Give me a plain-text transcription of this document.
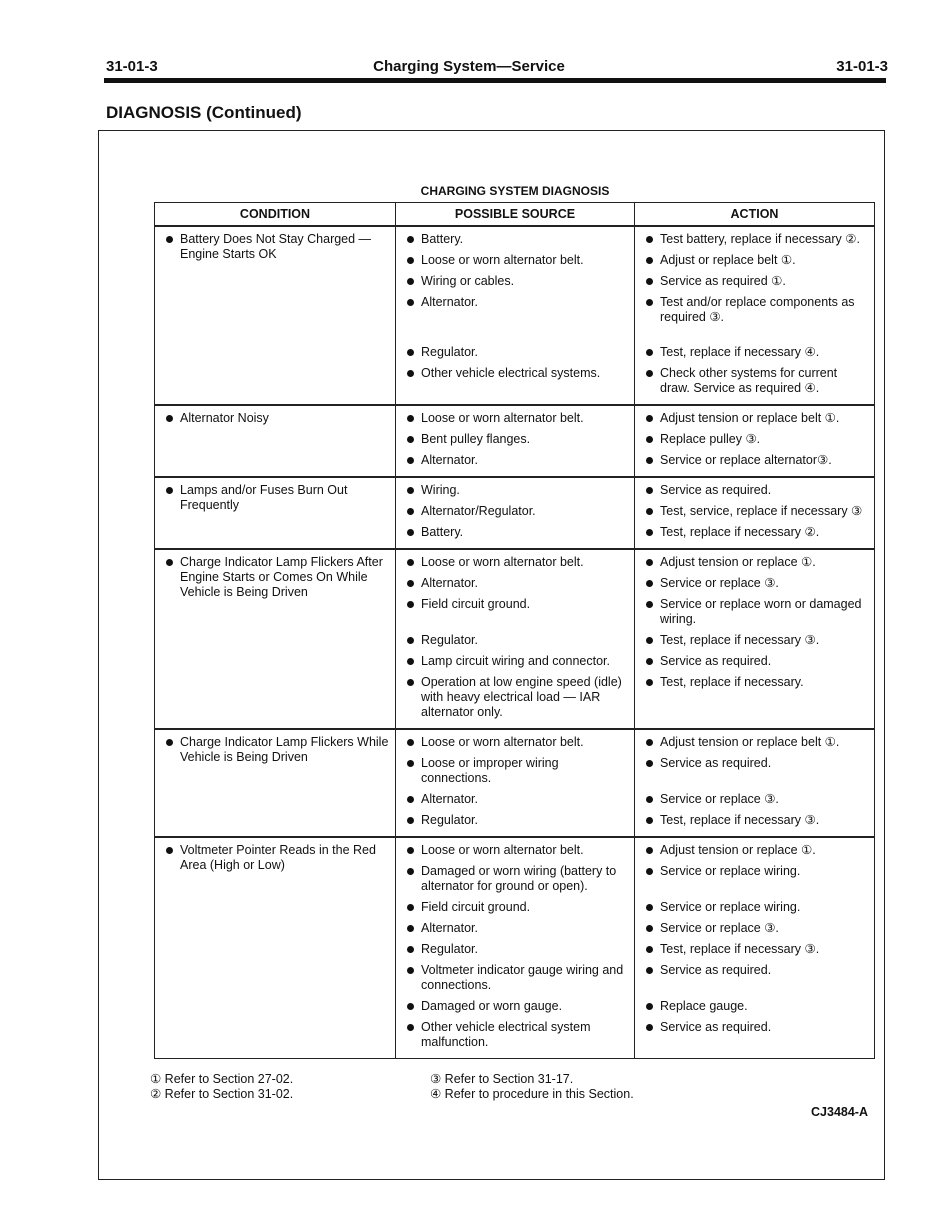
31-01-3	Charging System—Service	31-01-3
DIAGNOSIS (Continued)
CHARGING SYSTEM DIAGNOSIS
CONDITION	POSSIBLE SOURCE	ACTION

Battery Does Not Stay Charged — Engine Starts OK	Battery.	Test battery, replace if necessary ②.

	Loose or worn alternator belt.	Adjust or replace belt ①.

	Wiring or cables.	Service as required ①.

	Alternator.	Test and/or replace components as required ③.

	Regulator.	Test, replace if necessary ④.

	Other vehicle electrical systems.	Check other systems for current draw. Service as required ④.

Alternator Noisy	Loose or worn alternator belt.	Adjust tension or replace belt ①.

	Bent pulley flanges.	Replace pulley ③.

	Alternator.	Service or replace alternator③.

Lamps and/or Fuses Burn Out Frequently	Wiring.	Service as required.

	Alternator/Regulator.	Test, service, replace if necessary ③

	Battery.	Test, replace if necessary ②.

Charge Indicator Lamp Flickers After Engine Starts or Comes On While Vehicle is Being Driven	Loose or worn alternator belt.	Adjust tension or replace ①.

	Alternator.	Service or replace ③.

	Field circuit ground.	Service or replace worn or damaged wiring.

	Regulator.	Test, replace if necessary ③.

	Lamp circuit wiring and connector.	Service as required.

	Operation at low engine speed (idle) with heavy electrical load — IAR alternator only.	Test, replace if necessary.

Charge Indicator Lamp Flickers While Vehicle is Being Driven	Loose or worn alternator belt.	Adjust tension or replace belt ①.

	Loose or improper wiring connections.	Service as required.

	Alternator.	Service or replace ③.

	Regulator.	Test, replace if necessary ③.

Voltmeter Pointer Reads in the Red Area (High or Low)	Loose or worn alternator belt.	Adjust tension or replace ①.

	Damaged or worn wiring (battery to alternator for ground or open).	Service or replace wiring.

	Field circuit ground.	Service or replace wiring.

	Alternator.	Service or replace ③.

	Regulator.	Test, replace if necessary ③.

	Voltmeter indicator gauge wiring and connections.	Service as required.

	Damaged or worn gauge.	Replace gauge.

	Other vehicle electrical system malfunction.	Service as required.
① Refer to Section 27-02.
② Refer to Section 31-02.
③ Refer to Section 31-17.
④ Refer to procedure in this Section.
CJ3484-A
